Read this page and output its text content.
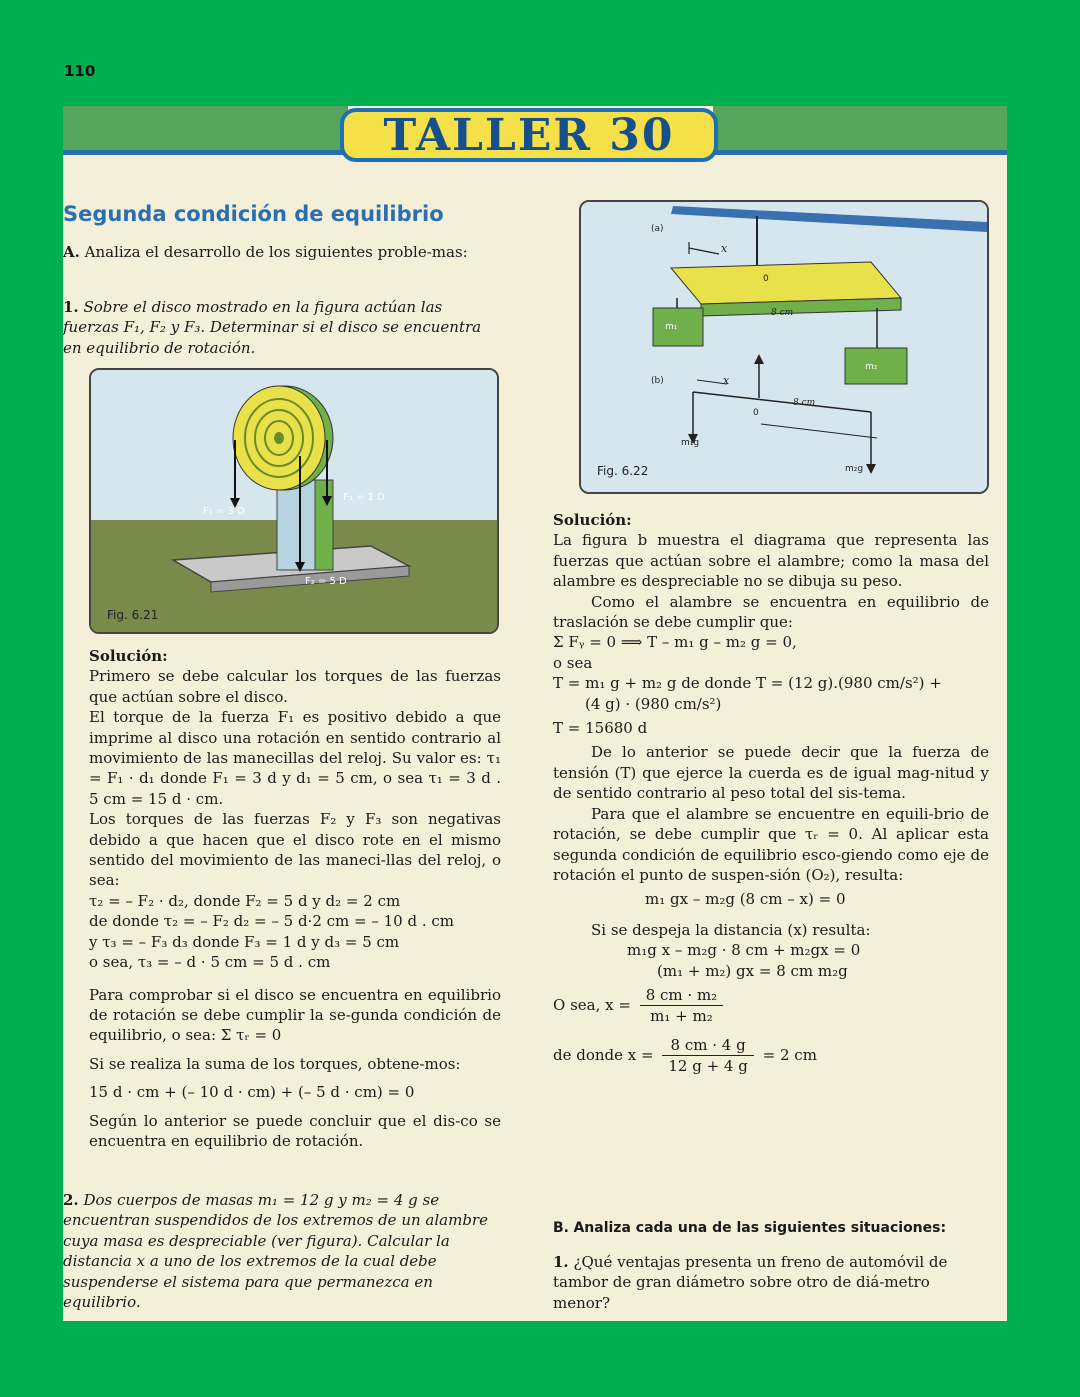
110
TALLER 30
Segunda condición de equilibrio
A. Analiza el desarrollo de los siguientes proble-mas:
1. Sobre el disco mostrado en la figura actúan las fuerzas F₁, F₂ y F₃. Determinar si el disco se encuentra en equilibrio de rotación.
F₁ = 3 D
F₃ = 1 D
F₂ = 5 D
Fig. 6.21
Solución:
Primero se debe calcular los torques de las fuerzas que actúan sobre el disco.
El torque de la fuerza F₁ es positivo debido a que imprime al disco una rotación en sentido contrario al movimiento de las manecillas del reloj. Su valor es: τ₁ = F₁ · d₁ donde F₁ = 3 d y d₁ = 5 cm, o sea τ₁ = 3 d . 5 cm = 15 d · cm.
Los torques de las fuerzas F₂ y F₃ son negativas debido a que hacen que el disco rote en el mismo sentido del movimiento de las maneci-llas del reloj, o sea:
τ₂ = – F₂ · d₂, donde F₂ = 5 d y d₂ = 2 cm
de donde τ₂ = – F₂ d₂ = – 5 d·2 cm = – 10 d . cm
y τ₃ = – F₃ d₃ donde F₃ = 1 d y d₃ = 5 cm
o sea, τ₃ = – d · 5 cm = 5 d . cm
Para comprobar si el disco se encuentra en equilibrio de rotación se debe cumplir la se-gunda condición de equilibrio, o sea: Σ τᵣ = 0
Si se realiza la suma de los torques, obtene-mos:
15 d · cm + (– 10 d · cm) + (– 5 d · cm) = 0
Según lo anterior se puede concluir que el dis-co se encuentra en equilibrio de rotación.
2. Dos cuerpos de masas m₁ = 12 g y m₂ = 4 g se encuentran suspendidos de los extremos de un alambre cuya masa es despreciable (ver figura). Calcular la distancia x a uno de los extremos de la cual debe suspenderse el sistema para que permanezca en equilibrio.
(a)
x
0
8 cm
m₁
m₂
(b)	x
0
8 cm
m₁g
m₂g
Fig. 6.22
Solución:
La figura b muestra el diagrama que representa las fuerzas que actúan sobre el alambre; como la masa del alambre es despreciable no se dibuja su peso.
Como el alambre se encuentra en equilibrio de traslación se debe cumplir que:
Σ Fᵧ = 0 ⟹ T – m₁ g – m₂ g = 0,
o sea
T = m₁ g + m₂ g de donde T = (12 g).(980 cm/s²) +
(4 g) · (980 cm/s²)
T = 15680 d
De lo anterior se puede decir que la fuerza de tensión (T) que ejerce la cuerda es de igual mag-nitud y de sentido contrario al peso total del sis-tema.
Para que el alambre se encuentre en equili-brio de rotación, se debe cumplir que τᵣ = 0. Al aplicar esta segunda condición de equilibrio esco-giendo como eje de rotación el punto de suspen-sión (O₂), resulta:
m₁ gx – m₂g (8 cm – x) = 0
Si se despeja la distancia (x) resulta:
m₁g x – m₂g · 8 cm + m₂gx = 0
(m₁ + m₂) gx = 8 cm m₂g
O sea, $x = \frac{\text{8 cm · m₂}}{\text{m₁ + m₂}}$
de donde $x = \frac{8 cm \cdot 4 g}{12 g + 4 g} = 2$ cm
B. Analiza cada una de las siguientes situaciones:
1. ¿Qué ventajas presenta un freno de automóvil de tambor de gran diámetro sobre otro de diá-metro menor?
